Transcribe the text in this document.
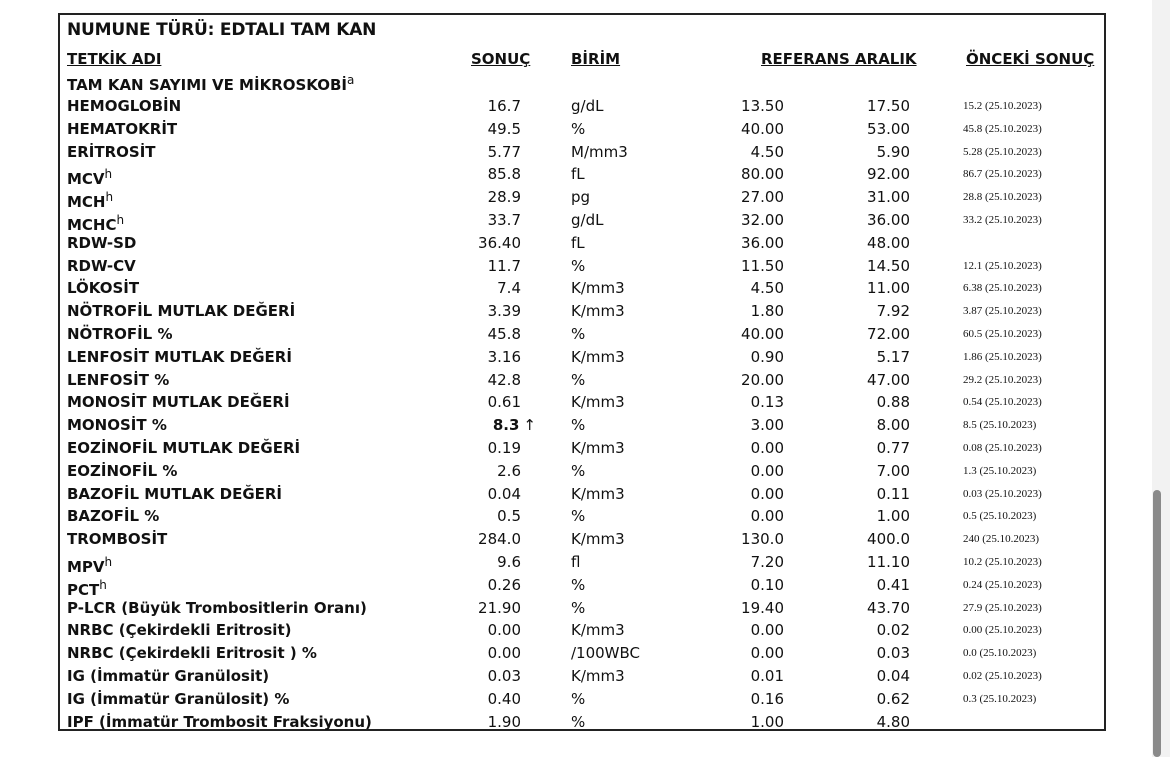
NUMUNE TÜRÜ: EDTALI TAM KAN
TETKİK ADI	SONUÇ	BİRİM	REFERANS ARALIK	ÖNCEKİ SONUÇ
TAM KAN SAYIMI VE MİKROSKOBİ$^a$
HEMOGLOBİN	16.7	g/dL	13.50	17.50	15.2 (25.10.2023)
HEMATOKRİT	49.5	%	40.00	53.00	45.8 (25.10.2023)
ERİTROSİT	5.77	M/mm3	4.50	5.90	5.28 (25.10.2023)
MCV$^h$	85.8	fL	80.00	92.00	86.7 (25.10.2023)
MCH$^h$	28.9	pg	27.00	31.00	28.8 (25.10.2023)
MCHC$^h$	33.7	g/dL	32.00	36.00	33.2 (25.10.2023)
RDW-SD	36.40	fL	36.00	48.00
RDW-CV	11.7	%	11.50	14.50	12.1 (25.10.2023)
LÖKOSİT	7.4	K/mm3	4.50	11.00	6.38 (25.10.2023)
NÖTROFİL MUTLAK DEĞERİ	3.39	K/mm3	1.80	7.92	3.87 (25.10.2023)
NÖTROFİL %	45.8	%	40.00	72.00	60.5 (25.10.2023)
LENFOSİT MUTLAK DEĞERİ	3.16	K/mm3	0.90	5.17	1.86 (25.10.2023)
LENFOSİT %	42.8	%	20.00	47.00	29.2 (25.10.2023)
MONOSİT MUTLAK DEĞERİ	0.61	K/mm3	0.13	0.88	0.54 (25.10.2023)
MONOSİT %	8.3 ↑ %	3.00	8.00	8.5 (25.10.2023)
EOZİNOFİL MUTLAK DEĞERİ	0.19	K/mm3	0.00	0.77	0.08 (25.10.2023)
EOZİNOFİL %	2.6	%	0.00	7.00	1.3 (25.10.2023)
BAZOFİL MUTLAK DEĞERİ	0.04	K/mm3	0.00	0.11	0.03 (25.10.2023)
BAZOFİL %	0.5	%	0.00	1.00	0.5 (25.10.2023)
TROMBOSİT	284.0	K/mm3	130.0	400.0	240 (25.10.2023)
MPV$^h$	9.6	fl	7.20	11.10	10.2 (25.10.2023)
PCT$^h$	0.26	%	0.10	0.41	0.24 (25.10.2023)
P-LCR (Büyük Trombositlerin Oranı)	21.90	%	19.40	43.70	27.9 (25.10.2023)
NRBC (Çekirdekli Eritrosit)	0.00	K/mm3	0.00	0.02	0.00 (25.10.2023)
NRBC (Çekirdekli Eritrosit ) %	0.00	/100WBC	0.00	0.03	0.0 (25.10.2023)
IG (İmmatür Granülosit)	0.03	K/mm3	0.01	0.04	0.02 (25.10.2023)
IG (İmmatür Granülosit) %	0.40	%	0.16	0.62	0.3 (25.10.2023)
IPF (İmmatür Trombosit Fraksiyonu)	1.90	%	1.00	4.80
